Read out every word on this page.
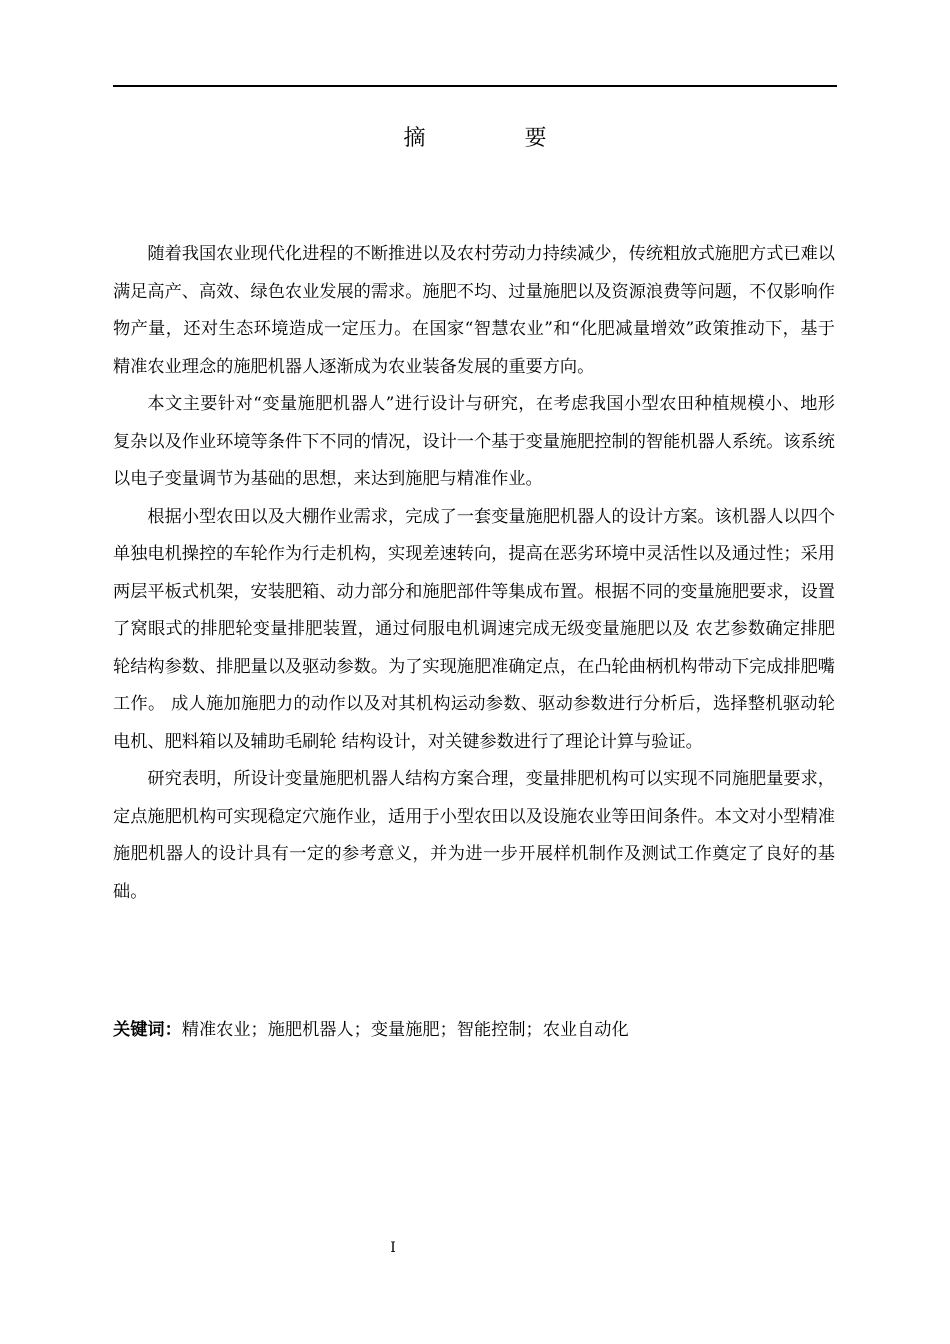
摘 要

随着我国农业现代化进程的不断推进以及农村劳动力持续减少，传统粗放式施肥方式已难以满足高产、高效、绿色农业发展的需求。施肥不均、过量施肥以及资源浪费等问题，不仅影响作物产量，还对生态环境造成一定压力。在国家“智慧农业”和“化肥减量增效”政策推动下，基于精准农业理念的施肥机器人逐渐成为农业装备发展的重要方向。

本文主要针对“变量施肥机器人”进行设计与研究，在考虑我国小型农田种植规模小、地形复杂以及作业环境等条件下不同的情况，设计一个基于变量施肥控制的智能机器人系统。该系统以电子变量调节为基础的思想，来达到施肥与精准作业。

根据小型农田以及大棚作业需求，完成了一套变量施肥机器人的设计方案。该机器人以四个单独电机操控的车轮作为行走机构，实现差速转向，提高在恶劣环境中灵活性以及通过性；采用两层平板式机架，安装肥箱、动力部分和施肥部件等集成布置。根据不同的变量施肥要求，设置了窝眼式的排肥轮变量排肥装置，通过伺服电机调速完成无级变量施肥以及 农艺参数确定排肥轮结构参数、排肥量以及驱动参数。为了实现施肥准确定点，在凸轮曲柄机构带动下完成排肥嘴工作。 成人施加施肥力的动作以及对其机构运动参数、驱动参数进行分析后，选择整机驱动轮电机、肥料箱以及辅助毛刷轮 结构设计，对关键参数进行了理论计算与验证。

研究表明，所设计变量施肥机器人结构方案合理，变量排肥机构可以实现不同施肥量要求，定点施肥机构可实现稳定穴施作业，适用于小型农田以及设施农业等田间条件。本文对小型精准施肥机器人的设计具有一定的参考意义，并为进一步开展样机制作及测试工作奠定了良好的基础。

关键词：精准农业；施肥机器人；变量施肥；智能控制；农业自动化
I
